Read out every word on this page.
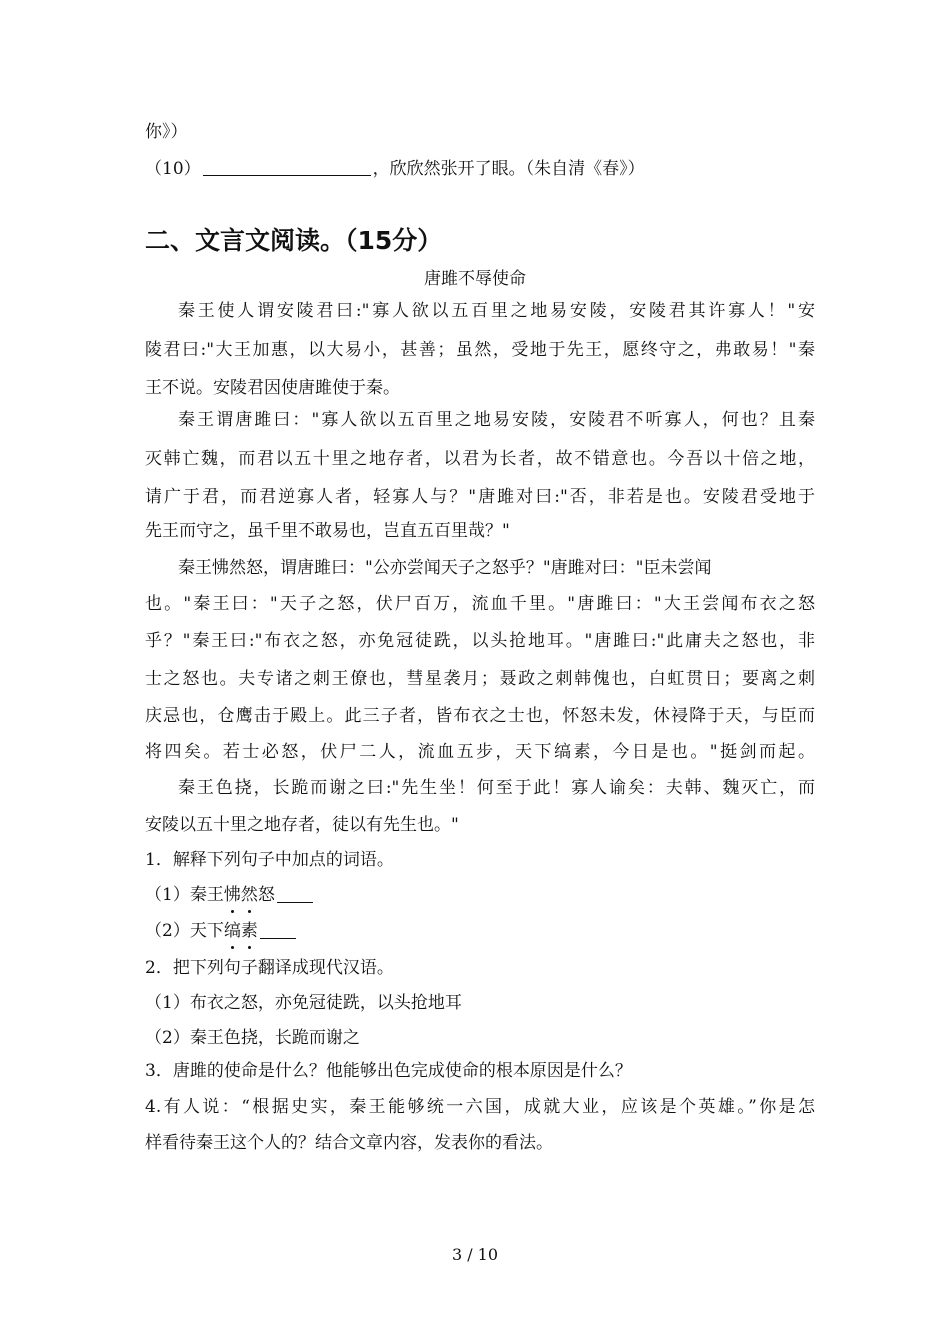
你》）
（10）	，欣欣然张开了眼。（朱自清《春》）
二、文言文阅读。（15分）
唐雎不辱使命
秦王使人谓安陵君曰:"寡人欲以五百里之地易安陵，安陵君其许寡人！"安
陵君曰:"大王加惠，以大易小，甚善；虽然，受地于先王，愿终守之，弗敢易！"秦
王不说。安陵君因使唐雎使于秦。
秦王谓唐雎曰："寡人欲以五百里之地易安陵，安陵君不听寡人，何也？且秦
灭韩亡魏，而君以五十里之地存者，以君为长者，故不错意也。今吾以十倍之地，
请广于君，而君逆寡人者，轻寡人与？"唐雎对曰:"否，非若是也。安陵君受地于
先王而守之，虽千里不敢易也，岂直五百里哉？"
秦王怫然怒，谓唐雎曰："公亦尝闻天子之怒乎？"唐雎对曰："臣未尝闻
也。"秦王曰："天子之怒，伏尸百万，流血千里。"唐雎曰："大王尝闻布衣之怒
乎？"秦王曰:"布衣之怒，亦免冠徒跣，以头抢地耳。"唐雎曰:"此庸夫之怒也，非
士之怒也。夫专诸之刺王僚也，彗星袭月；聂政之刺韩傀也，白虹贯日；要离之刺
庆忌也，仓鹰击于殿上。此三子者，皆布衣之士也，怀怒未发，休祲降于天，与臣而
将四矣。若士必怒，伏尸二人，流血五步，天下缟素，今日是也。"挺剑而起。
秦王色挠，长跪而谢之曰:"先生坐！何至于此！寡人谕矣：夫韩、魏灭亡，而
安陵以五十里之地存者，徒以有先生也。"
1．解释下列句子中加点的词语。
（1）秦王怫然怒
（2）天下缟素
2．把下列句子翻译成现代汉语。
（1）布衣之怒，亦免冠徒跣，以头抢地耳
（2）秦王色挠，长跪而谢之
3．唐雎的使命是什么？他能够出色完成使命的根本原因是什么？
4.有人说：“根据史实，秦王能够统一六国，成就大业，应该是个英雄。”你是怎
样看待秦王这个人的？结合文章内容，发表你的看法。
3 / 10
